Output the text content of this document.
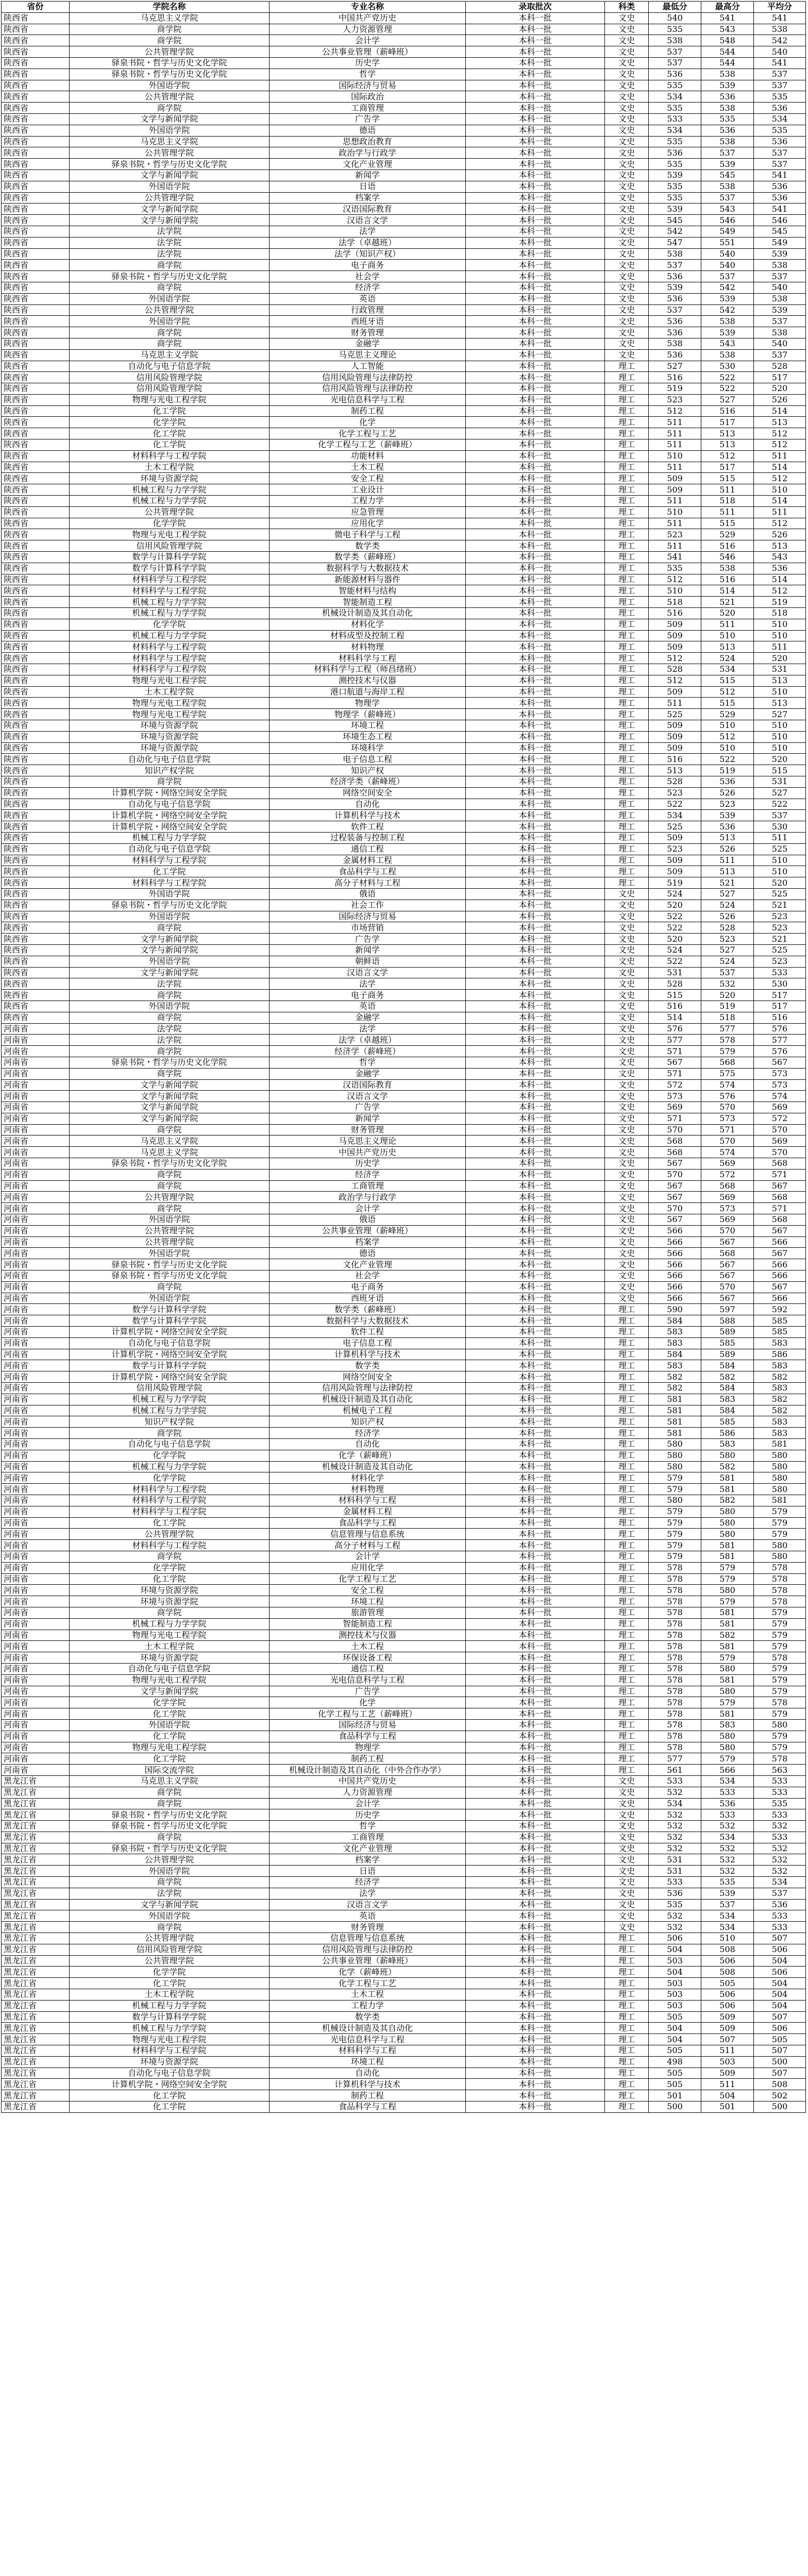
省份	学院名称	专业名称	录取批次	科类	最低分	最高分	平均分
陕西省	马克思主义学院	中国共产党历史	本科一批	文史	540	541	541
陕西省	商学院	人力资源管理	本科一批	文史	535	543	538
陕西省	商学院	会计学	本科一批	文史	538	548	542
陕西省	公共管理学院	公共事业管理（薪峰班）	本科一批	文史	537	544	540
陕西省	驿泉书院・哲学与历史文化学院	历史学	本科一批	文史	537	544	541
陕西省	驿泉书院・哲学与历史文化学院	哲学	本科一批	文史	536	538	537
陕西省	外国语学院	国际经济与贸易	本科一批	文史	535	539	537
陕西省	公共管理学院	国际政治	本科一批	文史	534	536	535
陕西省	商学院	工商管理	本科一批	文史	535	538	536
陕西省	文学与新闻学院	广告学	本科一批	文史	533	535	534
陕西省	外国语学院	德语	本科一批	文史	534	536	535
陕西省	马克思主义学院	思想政治教育	本科一批	文史	535	538	536
陕西省	公共管理学院	政治学与行政学	本科一批	文史	536	537	537
陕西省	驿泉书院・哲学与历史文化学院	文化产业管理	本科一批	文史	535	539	537
陕西省	文学与新闻学院	新闻学	本科一批	文史	539	545	541
陕西省	外国语学院	日语	本科一批	文史	535	538	536
陕西省	公共管理学院	档案学	本科一批	文史	535	537	536
陕西省	文学与新闻学院	汉语国际教育	本科一批	文史	539	543	541
陕西省	文学与新闻学院	汉语言文学	本科一批	文史	545	546	546
陕西省	法学院	法学	本科一批	文史	542	549	545
陕西省	法学院	法学（卓越班）	本科一批	文史	547	551	549
陕西省	法学院	法学（知识产权）	本科一批	文史	538	540	539
陕西省	商学院	电子商务	本科一批	文史	537	540	538
陕西省	驿泉书院・哲学与历史文化学院	社会学	本科一批	文史	536	537	537
陕西省	商学院	经济学	本科一批	文史	539	542	540
陕西省	外国语学院	英语	本科一批	文史	536	539	538
陕西省	公共管理学院	行政管理	本科一批	文史	537	542	539
陕西省	外国语学院	西班牙语	本科一批	文史	536	538	537
陕西省	商学院	财务管理	本科一批	文史	536	539	538
陕西省	商学院	金融学	本科一批	文史	538	543	540
陕西省	马克思主义学院	马克思主义理论	本科一批	文史	536	538	537
陕西省	自动化与电子信息学院	人工智能	本科一批	理工	527	530	528
陕西省	信用风险管理学院	信用风险管理与法律防控	本科一批	理工	516	522	517
陕西省	信用风险管理学院	信用风险管理与法律防控	本科一批	理工	519	522	520
陕西省	物理与光电工程学院	光电信息科学与工程	本科一批	理工	523	527	526
陕西省	化工学院	制药工程	本科一批	理工	512	516	514
陕西省	化学学院	化学	本科一批	理工	511	517	513
陕西省	化工学院	化学工程与工艺	本科一批	理工	511	513	512
陕西省	化工学院	化学工程与工艺（薪峰班）	本科一批	理工	511	513	512
陕西省	材料科学与工程学院	功能材料	本科一批	理工	510	512	511
陕西省	土木工程学院	土木工程	本科一批	理工	511	517	514
陕西省	环境与资源学院	安全工程	本科一批	理工	509	515	512
陕西省	机械工程与力学学院	工业设计	本科一批	理工	509	511	510
陕西省	机械工程与力学学院	工程力学	本科一批	理工	511	518	514
陕西省	公共管理学院	应急管理	本科一批	理工	510	511	511
陕西省	化学学院	应用化学	本科一批	理工	511	515	512
陕西省	物理与光电工程学院	微电子科学与工程	本科一批	理工	523	529	526
陕西省	信用风险管理学院	数学类	本科一批	理工	511	516	513
陕西省	数学与计算科学学院	数学类（薪峰班）	本科一批	理工	541	546	543
陕西省	数学与计算科学学院	数据科学与大数据技术	本科一批	理工	535	538	536
陕西省	材料科学与工程学院	新能源材料与器件	本科一批	理工	512	516	514
陕西省	材料科学与工程学院	智能材料与结构	本科一批	理工	510	514	512
陕西省	机械工程与力学学院	智能制造工程	本科一批	理工	518	521	519
陕西省	机械工程与力学学院	机械设计制造及其自动化	本科一批	理工	516	520	518
陕西省	化学学院	材料化学	本科一批	理工	509	511	510
陕西省	机械工程与力学学院	材料成型及控制工程	本科一批	理工	509	510	510
陕西省	材料科学与工程学院	材料物理	本科一批	理工	509	513	511
陕西省	材料科学与工程学院	材料科学与工程	本科一批	理工	512	524	520
陕西省	材料科学与工程学院	材料科学与工程（师昌绪班）	本科一批	理工	528	534	531
陕西省	物理与光电工程学院	测控技术与仪器	本科一批	理工	512	515	513
陕西省	土木工程学院	港口航道与海岸工程	本科一批	理工	509	512	510
陕西省	物理与光电工程学院	物理学	本科一批	理工	511	515	513
陕西省	物理与光电工程学院	物理学（薪峰班）	本科一批	理工	525	529	527
陕西省	环境与资源学院	环境工程	本科一批	理工	509	510	510
陕西省	环境与资源学院	环境生态工程	本科一批	理工	509	512	510
陕西省	环境与资源学院	环境科学	本科一批	理工	509	510	510
陕西省	自动化与电子信息学院	电子信息工程	本科一批	理工	516	522	520
陕西省	知识产权学院	知识产权	本科一批	理工	513	519	515
陕西省	商学院	经济学类（薪峰班）	本科一批	理工	528	536	531
陕西省	计算机学院・网络空间安全学院	网络空间安全	本科一批	理工	523	526	527
陕西省	自动化与电子信息学院	自动化	本科一批	理工	522	523	522
陕西省	计算机学院・网络空间安全学院	计算机科学与技术	本科一批	理工	534	539	537
陕西省	计算机学院・网络空间安全学院	软件工程	本科一批	理工	525	536	530
陕西省	机械工程与力学学院	过程装备与控制工程	本科一批	理工	509	513	511
陕西省	自动化与电子信息学院	通信工程	本科一批	理工	523	526	525
陕西省	材料科学与工程学院	金属材料工程	本科一批	理工	509	511	510
陕西省	化工学院	食品科学与工程	本科一批	理工	509	513	510
陕西省	材料科学与工程学院	高分子材料与工程	本科一批	理工	519	521	520
陕西省	外国语学院	俄语	本科一批	文史	524	527	525
陕西省	驿泉书院・哲学与历史文化学院	社会工作	本科一批	文史	520	524	521
陕西省	外国语学院	国际经济与贸易	本科一批	文史	522	526	523
陕西省	商学院	市场营销	本科一批	文史	522	528	523
陕西省	文学与新闻学院	广告学	本科一批	文史	520	523	521
陕西省	文学与新闻学院	新闻学	本科一批	文史	524	527	525
陕西省	外国语学院	朝鲜语	本科一批	文史	522	524	523
陕西省	文学与新闻学院	汉语言文学	本科一批	文史	531	537	533
陕西省	法学院	法学	本科一批	文史	528	532	530
陕西省	商学院	电子商务	本科一批	文史	515	520	517
陕西省	外国语学院	英语	本科一批	文史	516	519	517
陕西省	商学院	金融学	本科一批	文史	514	518	516
河南省	法学院	法学	本科一批	文史	576	577	576
河南省	法学院	法学（卓越班）	本科一批	文史	577	578	577
河南省	商学院	经济学（薪峰班）	本科一批	文史	571	579	576
河南省	驿泉书院・哲学与历史文化学院	哲学	本科一批	文史	567	568	567
河南省	商学院	金融学	本科一批	文史	571	575	573
河南省	文学与新闻学院	汉语国际教育	本科一批	文史	572	574	573
河南省	文学与新闻学院	汉语言文学	本科一批	文史	573	576	574
河南省	文学与新闻学院	广告学	本科一批	文史	569	570	569
河南省	文学与新闻学院	新闻学	本科一批	文史	571	573	572
河南省	商学院	财务管理	本科一批	文史	570	571	570
河南省	马克思主义学院	马克思主义理论	本科一批	文史	568	570	569
河南省	马克思主义学院	中国共产党历史	本科一批	文史	568	574	570
河南省	驿泉书院・哲学与历史文化学院	历史学	本科一批	文史	567	569	568
河南省	商学院	经济学	本科一批	文史	570	572	571
河南省	商学院	工商管理	本科一批	文史	567	568	567
河南省	公共管理学院	政治学与行政学	本科一批	文史	567	569	568
河南省	商学院	会计学	本科一批	文史	570	573	571
河南省	外国语学院	俄语	本科一批	文史	567	569	568
河南省	公共管理学院	公共事业管理（薪峰班）	本科一批	文史	566	570	567
河南省	公共管理学院	档案学	本科一批	文史	566	567	566
河南省	外国语学院	德语	本科一批	文史	566	568	567
河南省	驿泉书院・哲学与历史文化学院	文化产业管理	本科一批	文史	566	567	566
河南省	驿泉书院・哲学与历史文化学院	社会学	本科一批	文史	566	567	566
河南省	商学院	电子商务	本科一批	文史	566	570	567
河南省	外国语学院	西班牙语	本科一批	文史	566	567	566
河南省	数学与计算科学学院	数学类（薪峰班）	本科一批	理工	590	597	592
河南省	数学与计算科学学院	数据科学与大数据技术	本科一批	理工	584	588	585
河南省	计算机学院・网络空间安全学院	软件工程	本科一批	理工	583	589	585
河南省	自动化与电子信息学院	电子信息工程	本科一批	理工	583	585	583
河南省	计算机学院・网络空间安全学院	计算机科学与技术	本科一批	理工	584	589	586
河南省	数学与计算科学学院	数学类	本科一批	理工	583	584	583
河南省	计算机学院・网络空间安全学院	网络空间安全	本科一批	理工	582	582	582
河南省	信用风险管理学院	信用风险管理与法律防控	本科一批	理工	582	584	583
河南省	机械工程与力学学院	机械设计制造及其自动化	本科一批	理工	581	583	582
河南省	机械工程与力学学院	机械电子工程	本科一批	理工	581	584	582
河南省	知识产权学院	知识产权	本科一批	理工	581	585	583
河南省	商学院	经济学	本科一批	理工	581	586	583
河南省	自动化与电子信息学院	自动化	本科一批	理工	580	583	581
河南省	化学学院	化学（薪峰班）	本科一批	理工	580	580	580
河南省	机械工程与力学学院	机械设计制造及其自动化	本科一批	理工	580	582	580
河南省	化学学院	材料化学	本科一批	理工	579	581	580
河南省	材料科学与工程学院	材料物理	本科一批	理工	579	581	580
河南省	材料科学与工程学院	材料科学与工程	本科一批	理工	580	582	581
河南省	材料科学与工程学院	金属材料工程	本科一批	理工	579	580	579
河南省	化工学院	食品科学与工程	本科一批	理工	579	580	579
河南省	公共管理学院	信息管理与信息系统	本科一批	理工	579	580	579
河南省	材料科学与工程学院	高分子材料与工程	本科一批	理工	579	581	580
河南省	商学院	会计学	本科一批	理工	579	581	580
河南省	化学学院	应用化学	本科一批	理工	578	579	578
河南省	化工学院	化学工程与工艺	本科一批	理工	578	579	578
河南省	环境与资源学院	安全工程	本科一批	理工	578	580	578
河南省	环境与资源学院	环境工程	本科一批	理工	578	579	578
河南省	商学院	旅游管理	本科一批	理工	578	581	579
河南省	机械工程与力学学院	智能制造工程	本科一批	理工	578	581	579
河南省	物理与光电工程学院	测控技术与仪器	本科一批	理工	578	582	579
河南省	土木工程学院	土木工程	本科一批	理工	578	581	579
河南省	环境与资源学院	环保设备工程	本科一批	理工	578	579	578
河南省	自动化与电子信息学院	通信工程	本科一批	理工	578	580	579
河南省	物理与光电工程学院	光电信息科学与工程	本科一批	理工	578	581	579
河南省	文学与新闻学院	广告学	本科一批	理工	578	580	579
河南省	化学学院	化学	本科一批	理工	578	579	578
河南省	化工学院	化学工程与工艺（薪峰班）	本科一批	理工	578	581	579
河南省	外国语学院	国际经济与贸易	本科一批	理工	578	583	580
河南省	化工学院	食品科学与工程	本科一批	理工	578	580	579
河南省	物理与光电工程学院	物理学	本科一批	理工	578	580	579
河南省	化工学院	制药工程	本科一批	理工	577	579	578
河南省	国际交流学院	机械设计制造及其自动化（中外合作办学）	本科一批	理工	561	566	563
黑龙江省	马克思主义学院	中国共产党历史	本科一批	文史	533	534	533
黑龙江省	商学院	人力资源管理	本科一批	文史	532	533	533
黑龙江省	商学院	会计学	本科一批	文史	534	536	535
黑龙江省	驿泉书院・哲学与历史文化学院	历史学	本科一批	文史	532	533	533
黑龙江省	驿泉书院・哲学与历史文化学院	哲学	本科一批	文史	532	532	532
黑龙江省	商学院	工商管理	本科一批	文史	532	534	533
黑龙江省	驿泉书院・哲学与历史文化学院	文化产业管理	本科一批	文史	532	532	532
黑龙江省	公共管理学院	档案学	本科一批	文史	531	532	532
黑龙江省	外国语学院	日语	本科一批	文史	531	532	532
黑龙江省	商学院	经济学	本科一批	文史	533	535	534
黑龙江省	法学院	法学	本科一批	文史	536	539	537
黑龙江省	文学与新闻学院	汉语言文学	本科一批	文史	535	537	536
黑龙江省	外国语学院	英语	本科一批	文史	532	534	533
黑龙江省	商学院	财务管理	本科一批	文史	532	534	533
黑龙江省	公共管理学院	信息管理与信息系统	本科一批	理工	506	510	507
黑龙江省	信用风险管理学院	信用风险管理与法律防控	本科一批	理工	504	508	506
黑龙江省	公共管理学院	公共事业管理（薪峰班）	本科一批	理工	503	506	504
黑龙江省	化学学院	化学（薪峰班）	本科一批	理工	504	508	506
黑龙江省	化工学院	化学工程与工艺	本科一批	理工	503	505	504
黑龙江省	土木工程学院	土木工程	本科一批	理工	503	506	504
黑龙江省	机械工程与力学学院	工程力学	本科一批	理工	503	506	504
黑龙江省	数学与计算科学学院	数学类	本科一批	理工	505	509	507
黑龙江省	机械工程与力学学院	机械设计制造及其自动化	本科一批	理工	504	509	506
黑龙江省	物理与光电工程学院	光电信息科学与工程	本科一批	理工	504	507	505
黑龙江省	材料科学与工程学院	材料科学与工程	本科一批	理工	505	511	507
黑龙江省	环境与资源学院	环境工程	本科一批	理工	498	503	500
黑龙江省	自动化与电子信息学院	自动化	本科一批	理工	505	509	507
黑龙江省	计算机学院・网络空间安全学院	计算机科学与技术	本科一批	理工	505	511	508
黑龙江省	化工学院	制药工程	本科一批	理工	501	504	502
黑龙江省	化工学院	食品科学与工程	本科一批	理工	500	501	500
